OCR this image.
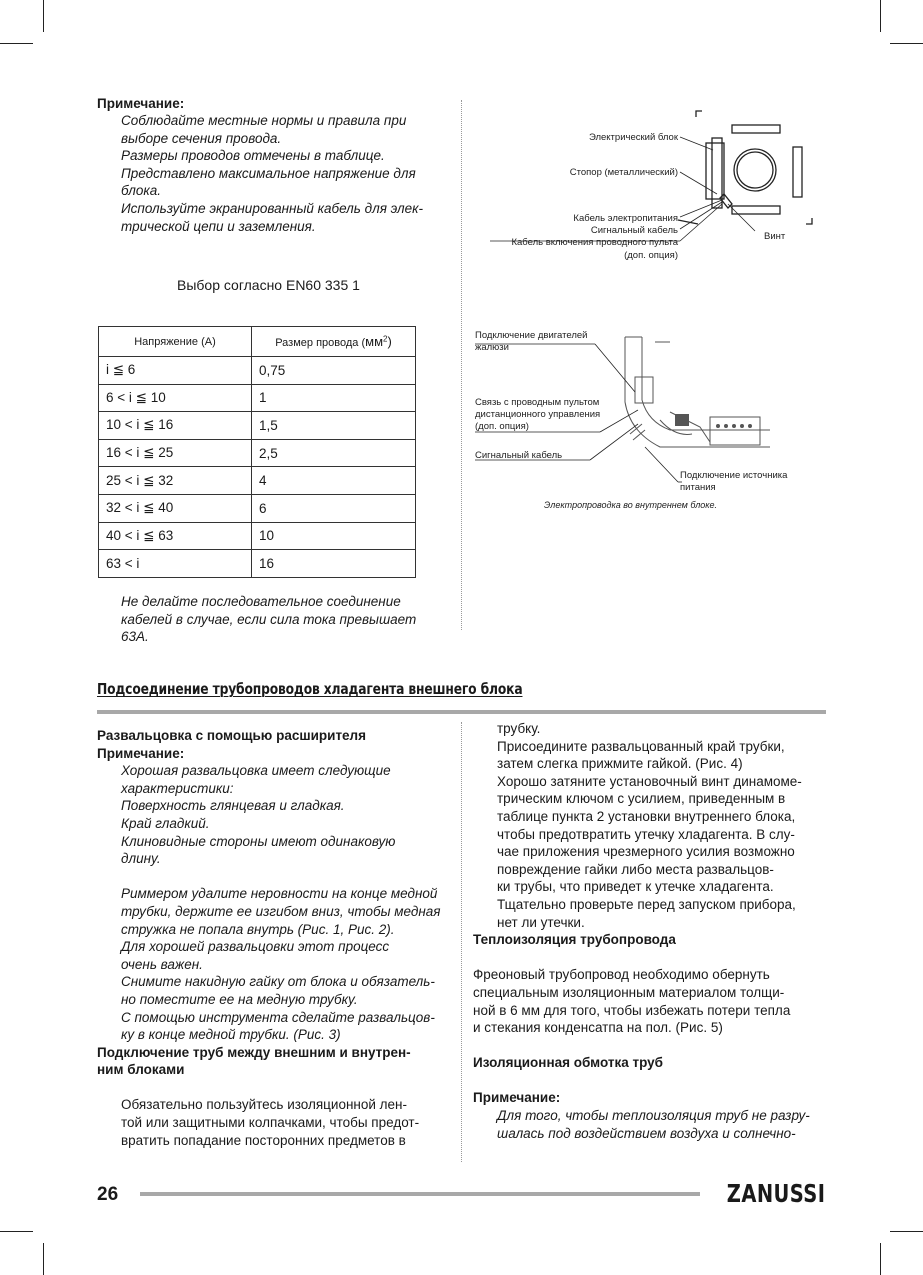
Примечание:
Соблюдайте местные нормы и правила при
выборе сечения провода.
Размеры проводов отмечены в таблице.
Представлено максимальное напряжение для
блока.
Используйте экранированный кабель для элек-
трической цепи и заземления.
Выбор согласно EN60 335 1
Напряжение (А)	Размер провода $(мм^2)$
i ≦ 6	0,75
6 < i ≦ 10	1
10 < i ≦ 16	1,5
16 < i ≦ 25	2,5
25 < i ≦ 32	4
32 < i ≦ 40	6
40 < i ≦ 63	10
63 < i	16
Не делайте последовательное соединение
кабелей в случае, если сила тока превышает
63А.
Электрический блок
Стопор (металлический)
Кабель электропитания
Сигнальный кабель
Кабель включения проводного пульта
(доп. опция)
Винт
Подключение двигателей
жалюзи
Связь с проводным пультом
дистанционного управления
(доп. опция)
Сигнальный кабель
Подключение источника
питания
Электропроводка во внутреннем блоке.
Подсоединение трубопроводов хладагента внешнего блока
Развальцовка с помощью расширителя
Примечание:
Хорошая развальцовка имеет следующие
характеристики:
Поверхность глянцевая и гладкая.
Край гладкий.
Клиновидные стороны имеют одинаковую
длину.
Риммером удалите неровности на конце медной
трубки, держите ее изгибом вниз, чтобы медная
стружка не попала внутрь (Рис. 1, Рис. 2).
Для хорошей развальцовки этот процесс
очень важен.
Снимите накидную гайку от блока и обязатель-
но поместите ее на медную трубку.
С помощью инструмента сделайте развальцов-
ку в конце медной трубки. (Рис. 3)
Подключение труб между внешним и внутрен-
ним блоками
Обязательно пользуйтесь изоляционной лен-
той или защитными колпачками, чтобы предот-
вратить попадание посторонних предметов в
трубку.
Присоедините развальцованный край трубки,
затем слегка прижмите гайкой. (Рис. 4)
Хорошо затяните установочный винт динамоме-
трическим ключом с усилием, приведенным в
таблице пункта 2 установки внутреннего блока,
чтобы предотвратить утечку хладагента. В слу-
чае приложения чрезмерного усилия возможно
повреждение гайки либо места развальцов-
ки трубы, что приведет к утечке хладагента.
Тщательно проверьте перед запуском прибора,
нет ли утечки.
Теплоизоляция трубопровода
Фреоновый трубопровод необходимо обернуть
специальным изоляционным материалом толщи-
ной в 6 мм для того, чтобы избежать потери тепла
и стекания конденсатпа на пол. (Рис. 5)
Изоляционная обмотка труб
Примечание:
Для того, чтобы теплоизоляция труб не разру-
шалась под воздействием воздуха и солнечно-
26	ZANUSSI
